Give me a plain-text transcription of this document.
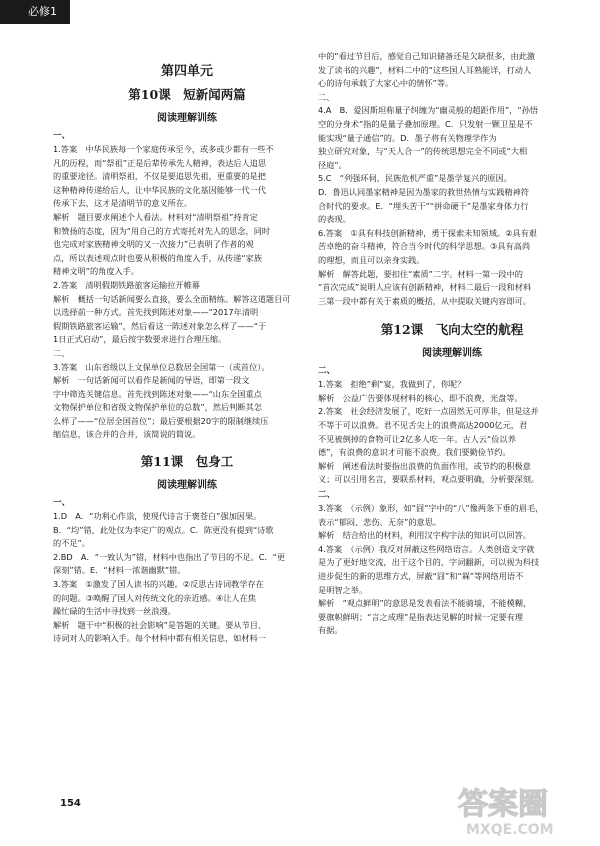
必修1
第四单元
第10课　短新闻两篇
阅读理解训练
一、

1.答案　中华民族每一个家庭传承至今，或多或少都有一些不

凡的历程，而“祭祖”正是后辈传承先人精神，表达后人追思

的重要途径。清明祭祖，不仅是要追思先祖，更重要的是把

这种精神传递给后人，让中华民族的文化基因能够一代一代

传承下去，这才是清明节的意义所在。

解析　题目要求阐述个人看法。材料对“清明祭祖”持肯定

和赞扬的态度，因为“用自己的方式寄托对先人的思念，同时

也完成对家族精神文明的又一次接力”已表明了作者的观

点，所以表述观点时也要从积极的角度入手，从传递“家族

精神文明”的角度入手。

2.答案　清明假期铁路旅客运输拉开帷幕

解析　概括一句话新闻要么直接，要么全面精练。解答这道题目可

以选择前一种方式。首先找到陈述对象——“2017年清明

假期铁路旅客运输”，然后看这一陈述对象怎么样了——“于

1日正式启动”，最后按字数要求进行合理压缩。

二、

3.答案　山东省级以上文保单位总数居全国第一（或首位）。

解析　一句话新闻可以看作是新闻的导语，即第一段文

字中筛选关键信息。首先找到陈述对象——“山东全国重点

文物保护单位和省级文物保护单位的总数”，然后判断其怎

么样了——“位居全国首位”；最后要根据20字的限制继续压

缩信息，该合并的合并，该简说的简说。

第11课　包身工
阅读理解训练
一、

1.D　A．“功利心作祟，使现代诗言于褒苍白”强加因果。

B．“均”错，此处仅为李定广的观点。C．陈更没有提到“诗歌

的不足”。

2.BD　A．“一致认为”错，材料中也指出了节目的不足。C．“更

深刻”错。E．“材料一浓谐幽默”错。

3.答案　①激发了国人读书的兴趣。②反思古诗词教学存在

的问题。③唤醒了国人对传统文化的亲近感。④让人在焦

躁忙碌的生活中寻找到一丝浪漫。

解析　题干中“积极的社会影响”是答题的关键。要从节目、

诗词对人的影响入手。每个材料中都有相关信息，如材料一

中的“看过节目后，感觉自己知识储备还是欠缺很多，由此激

发了读书的兴趣”，材料二中的“这些国人耳熟能详，打动人

心的诗句承载了大家心中的情怀”等。

二、

4.A　B．爱因斯坦称量子纠缠为“幽灵般的超距作用”，“孙悟

空的分身术”指的是量子叠加原理。C．只发射一颗卫星是不

能实现“量子通信”的。D．墨子将有关物理学作为

独立研究对象，与“天人合一”的传统思想完全不同或“大相

径庭”。

5.C　“列强环伺，民族危机严重”是墨学复兴的原因。

D．鲁迅认同墨家精神是因为墨家的救世热情与实践精神符

合时代的要求。E．“埋头苦干”“拼命硬干”是墨家身体力行

的表现。

6.答案　①具有科技创新精神，勇于探索未知领域。②具有艰

苦卓绝的奋斗精神，符合当今时代的科学思想。③具有高尚

的理想，而且可以亲身实践。

解析　解答此题，要扣住“素质”二字。材料一第一段中的

“首次完成”说明人应该有创新精神，材料二最后一段和材料

三第一段中都有关于素质的概括，从中提取关键内容即可。

第12课　飞向太空的航程
阅读理解训练

二、

1.答案　拒绝“剩”宴，我做到了，你呢？

解析　公益广告要体现材料的核心，即不浪费，光盘等。

2.答案　社会经济发展了，吃好一点固然无可厚非，但是这并

不等于可以浪费。君不见舌尖上的浪费高达2000亿元，君

不见被倒掉的食物可让2亿多人吃一年。古人云“俭以养

德”，有浪费的意识才可能不浪费。我们要勤俭节约。

解析　阐述看法时要指出浪费的负面作用，或节约的积极意

义；可以引用名言，要联系材料，观点要明确，分析要深刻。

二、

3.答案　（示例）象形，如“囧”字中的“八”像两条下垂的眉毛，

表示“郁闷、悲伤、无奈”的意思。

解析　结合给出的材料，利用汉字构字法的知识可以回答。

4.答案　（示例）我反对屏蔽这些网络语言。人类创造文字就

是为了更好地交流，出于这个目的，字词翻新，可以视为科技

进步促生的新的思维方式，屏蔽“囧”和“槑”等网络用语不

是明智之举。

解析　“观点鲜明”的意思是发表看法不能骑墙，不能模糊，

要旗帜鲜明；“言之成理”是指表达见解的时候一定要有理

有据。

154	答案圈
MXQE.COM
